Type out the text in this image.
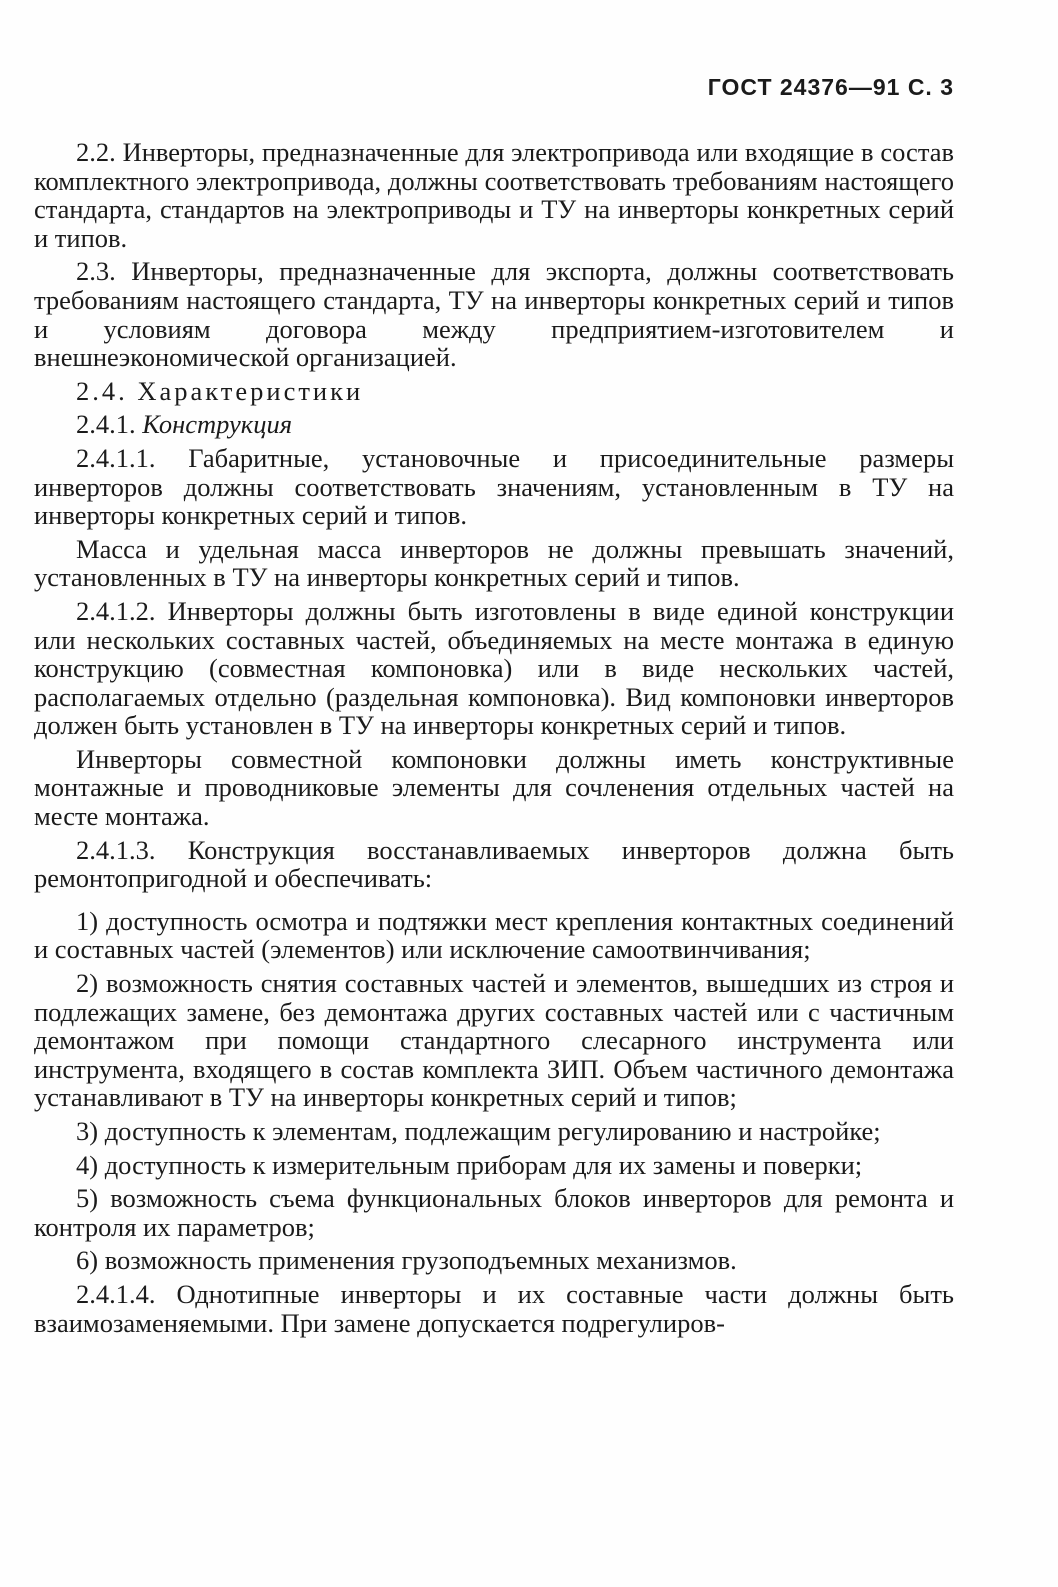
ГОСТ 24376—91 С. 3

2.2. Инверторы, предназначенные для электропривода или входящие в состав комплектного электропривода, должны соответствовать требованиям настоящего стандарта, стандартов на электроприводы и ТУ на инверторы конкретных серий и типов.

2.3. Инверторы, предназначенные для экспорта, должны соответствовать требованиям настоящего стандарта, ТУ на инверторы конкретных серий и типов и условиям договора между предприятием-изготовителем и внешнеэкономической организацией.

2.4. Характеристики

2.4.1. Конструкция

2.4.1.1. Габаритные, установочные и присоединительные размеры инверторов должны соответствовать значениям, установленным в ТУ на инверторы конкретных серий и типов.

Масса и удельная масса инверторов не должны превышать значений, установленных в ТУ на инверторы конкретных серий и типов.

2.4.1.2. Инверторы должны быть изготовлены в виде единой конструкции или нескольких составных частей, объединяемых на месте монтажа в единую конструкцию (совместная компоновка) или в виде нескольких частей, располагаемых отдельно (раздельная компоновка). Вид компоновки инверторов должен быть установлен в ТУ на инверторы конкретных серий и типов.

Инверторы совместной компоновки должны иметь конструктивные монтажные и проводниковые элементы для сочленения отдельных частей на месте монтажа.

2.4.1.3. Конструкция восстанавливаемых инверторов должна быть ремонтопригодной и обеспечивать:

1) доступность осмотра и подтяжки мест крепления контактных соединений и составных частей (элементов) или исключение самоотвинчивания;

2) возможность снятия составных частей и элементов, вышедших из строя и подлежащих замене, без демонтажа других составных частей или с частичным демонтажом при помощи стандартного слесарного инструмента или инструмента, входящего в состав комплекта ЗИП. Объем частичного демонтажа устанавливают в ТУ на инверторы конкретных серий и типов;

3) доступность к элементам, подлежащим регулированию и настройке;

4) доступность к измерительным приборам для их замены и поверки;

5) возможность съема функциональных блоков инверторов для ремонта и контроля их параметров;

6) возможность применения грузоподъемных механизмов.

2.4.1.4. Однотипные инверторы и их составные части должны быть взаимозаменяемыми. При замене допускается подрегулиров-
